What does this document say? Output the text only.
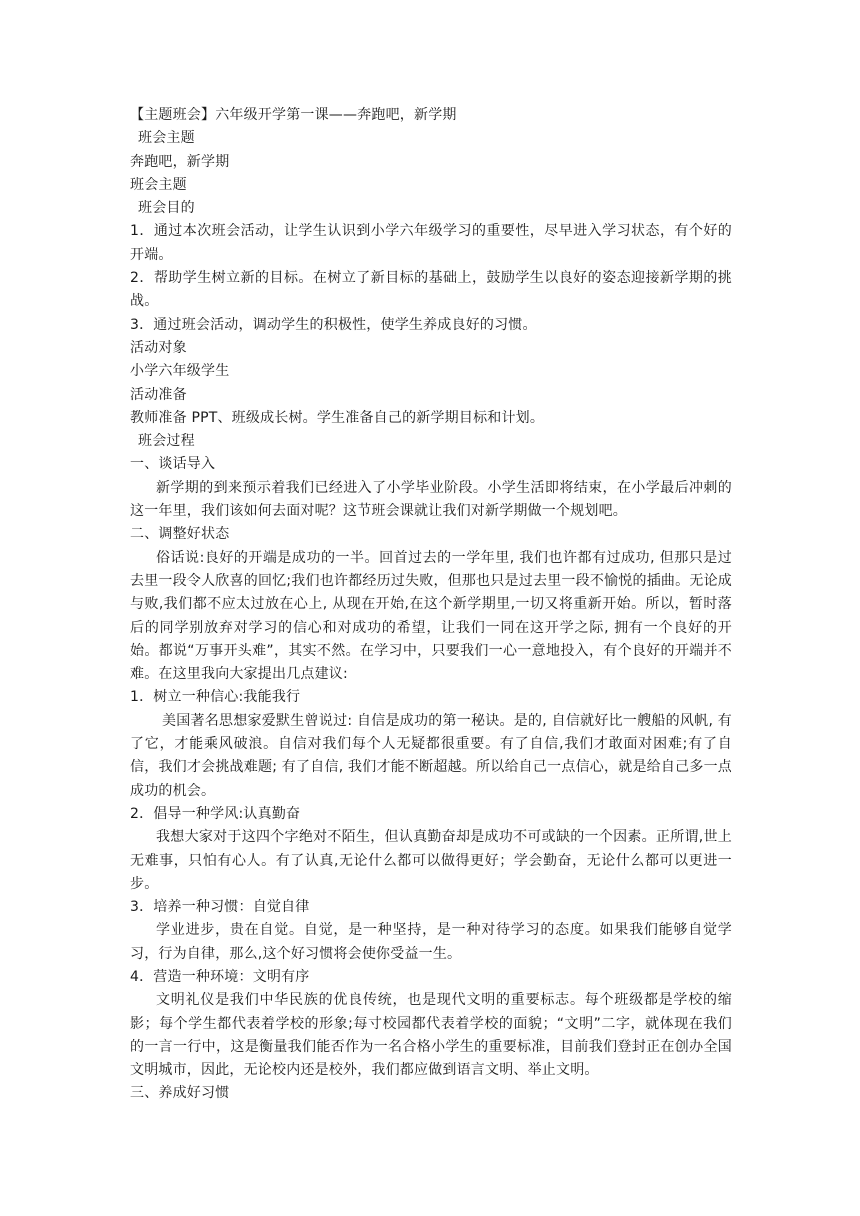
【主题班会】六年级开学第一课——奔跑吧，新学期

班会主题

奔跑吧，新学期

班会主题

班会目的

1．通过本次班会活动，让学生认识到小学六年级学习的重要性，尽早进入学习状态，有个好的开端。

2．帮助学生树立新的目标。在树立了新目标的基础上，鼓励学生以良好的姿态迎接新学期的挑战。

3．通过班会活动，调动学生的积极性，使学生养成良好的习惯。

活动对象

小学六年级学生

活动准备

教师准备 PPT、班级成长树。学生准备自己的新学期目标和计划。

班会过程

一、谈话导入

新学期的到来预示着我们已经进入了小学毕业阶段。小学生活即将结束，在小学最后冲刺的这一年里，我们该如何去面对呢？这节班会课就让我们对新学期做一个规划吧。

二、调整好状态

俗话说:良好的开端是成功的一半。回首过去的一学年里, 我们也许都有过成功, 但那只是过去里一段令人欣喜的回忆;我们也许都经历过失败，但那也只是过去里一段不愉悦的插曲。无论成与败,我们都不应太过放在心上, 从现在开始,在这个新学期里,一切又将重新开始。所以，暂时落后的同学别放弃对学习的信心和对成功的希望，让我们一同在这开学之际, 拥有一个良好的开始。都说“万事开头难”，其实不然。在学习中，只要我们一心一意地投入，有个良好的开端并不难。在这里我向大家提出几点建议:

1．树立一种信心:我能我行

美国著名思想家爱默生曾说过: 自信是成功的第一秘诀。是的, 自信就好比一艘船的风帆, 有了它，才能乘风破浪。自信对我们每个人无疑都很重要。有了自信,我们才敢面对困难;有了自信，我们才会挑战难题; 有了自信, 我们才能不断超越。所以给自己一点信心，就是给自己多一点成功的机会。

2．倡导一种学风:认真勤奋

我想大家对于这四个字绝对不陌生，但认真勤奋却是成功不可或缺的一个因素。正所谓,世上无难事，只怕有心人。有了认真,无论什么都可以做得更好；学会勤奋，无论什么都可以更进一步。

3．培养一种习惯：自觉自律

学业进步，贵在自觉。自觉，是一种坚持，是一种对待学习的态度。如果我们能够自觉学习，行为自律，那么,这个好习惯将会使你受益一生。

4．营造一种环境：文明有序

文明礼仪是我们中华民族的优良传统，也是现代文明的重要标志。每个班级都是学校的缩影；每个学生都代表着学校的形象;每寸校园都代表着学校的面貌；“文明”二字，就体现在我们的一言一行中，这是衡量我们能否作为一名合格小学生的重要标准，目前我们登封正在创办全国文明城市，因此，无论校内还是校外，我们都应做到语言文明、举止文明。

三、养成好习惯
